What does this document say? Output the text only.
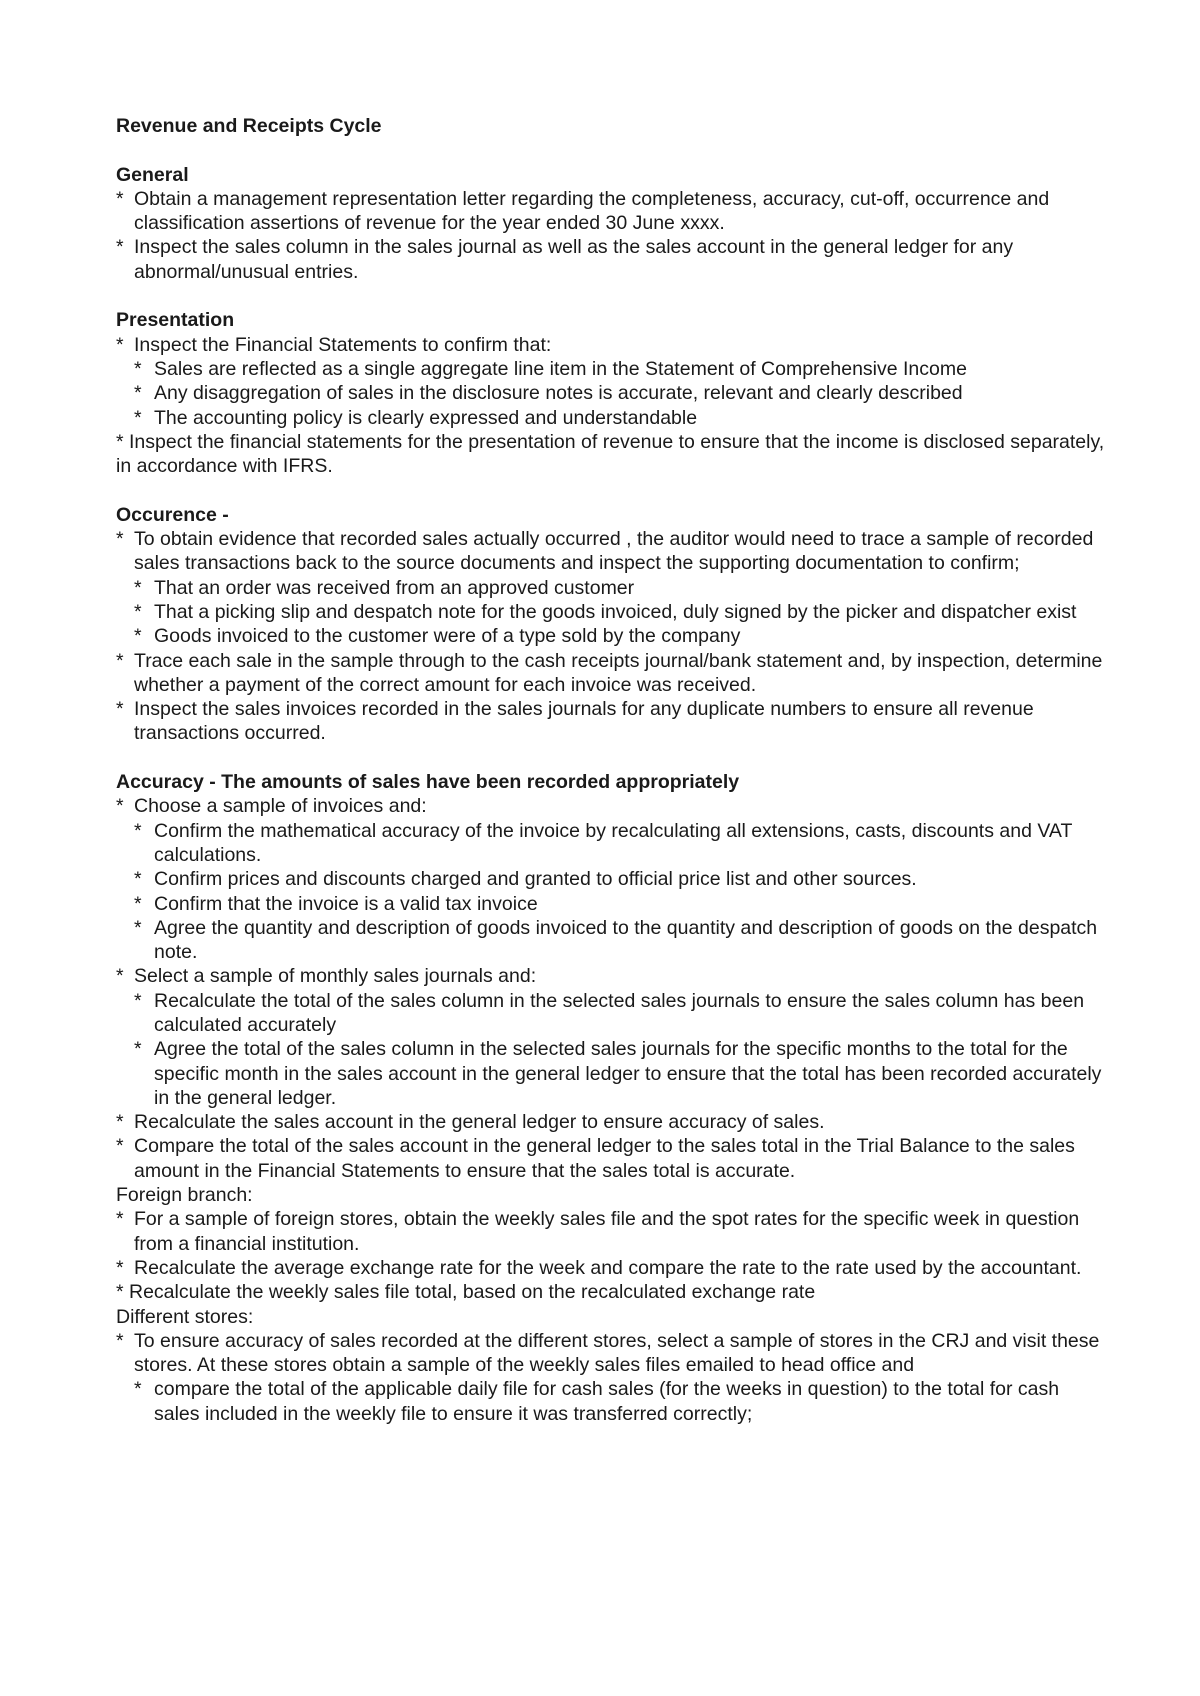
Revenue and Receipts Cycle

General

* Obtain a management representation letter regarding the completeness, accuracy, cut-off, occurrence and classification assertions of revenue for the year ended 30 June xxxx.

* Inspect the sales column in the sales journal as well as the sales account in the general ledger for any abnormal/unusual entries.

Presentation

* Inspect the Financial Statements to confirm that:

* Sales are reflected as a single aggregate line item in the Statement of Comprehensive Income

* Any disaggregation of sales in the disclosure notes is accurate, relevant and clearly described

* The accounting policy is clearly expressed and understandable

* Inspect the financial statements for the presentation of revenue to ensure that the income is disclosed separately, in accordance with IFRS.

Occurence -

* To obtain evidence that recorded sales actually occurred , the auditor would need to trace a sample of recorded sales transactions back to the source documents and inspect the supporting documentation to confirm;

* That an order was received from an approved customer

* That a picking slip and despatch note for the goods invoiced, duly signed by the picker and dispatcher exist

* Goods invoiced to the customer were of a type sold by the company

* Trace each sale in the sample through to the cash receipts journal/bank statement and, by inspection, determine whether a payment of the correct amount for each invoice was received.

* Inspect the sales invoices recorded in the sales journals for any duplicate numbers to ensure all revenue transactions occurred.

Accuracy - The amounts of sales have been recorded appropriately

* Choose a sample of invoices and:

* Confirm the mathematical accuracy of the invoice by recalculating all extensions, casts, discounts and VAT calculations.

* Confirm prices and discounts charged and granted to official price list and other sources.

* Confirm that the invoice is a valid tax invoice

* Agree the quantity and description of goods invoiced to the quantity and description of goods on the despatch note.

* Select a sample of monthly sales journals and:

* Recalculate the total of the sales column in the selected sales journals to ensure the sales column has been calculated accurately

* Agree the total of the sales column in the selected sales journals for the specific months to the total for the specific month in the sales account in the general ledger to ensure that the total has been recorded accurately in the general ledger.

* Recalculate the sales account in the general ledger to ensure accuracy of sales.

* Compare the total of the sales account in the general ledger to the sales total in the Trial Balance to the sales amount in the Financial Statements to ensure that the sales total is accurate.

Foreign branch:

* For a sample of foreign stores, obtain the weekly sales file and the spot rates for the specific week in question from a financial institution.

* Recalculate the average exchange rate for the week and compare the rate to the rate used by the accountant.

* Recalculate the weekly sales file total, based on the recalculated exchange rate

Different stores:

* To ensure accuracy of sales recorded at the different stores, select a sample of stores in the CRJ and visit these stores. At these stores obtain a sample of the weekly sales files emailed to head office and

* compare the total of the applicable daily file for cash sales (for the weeks in question) to the total for cash sales included in the weekly file to ensure it was transferred correctly;
